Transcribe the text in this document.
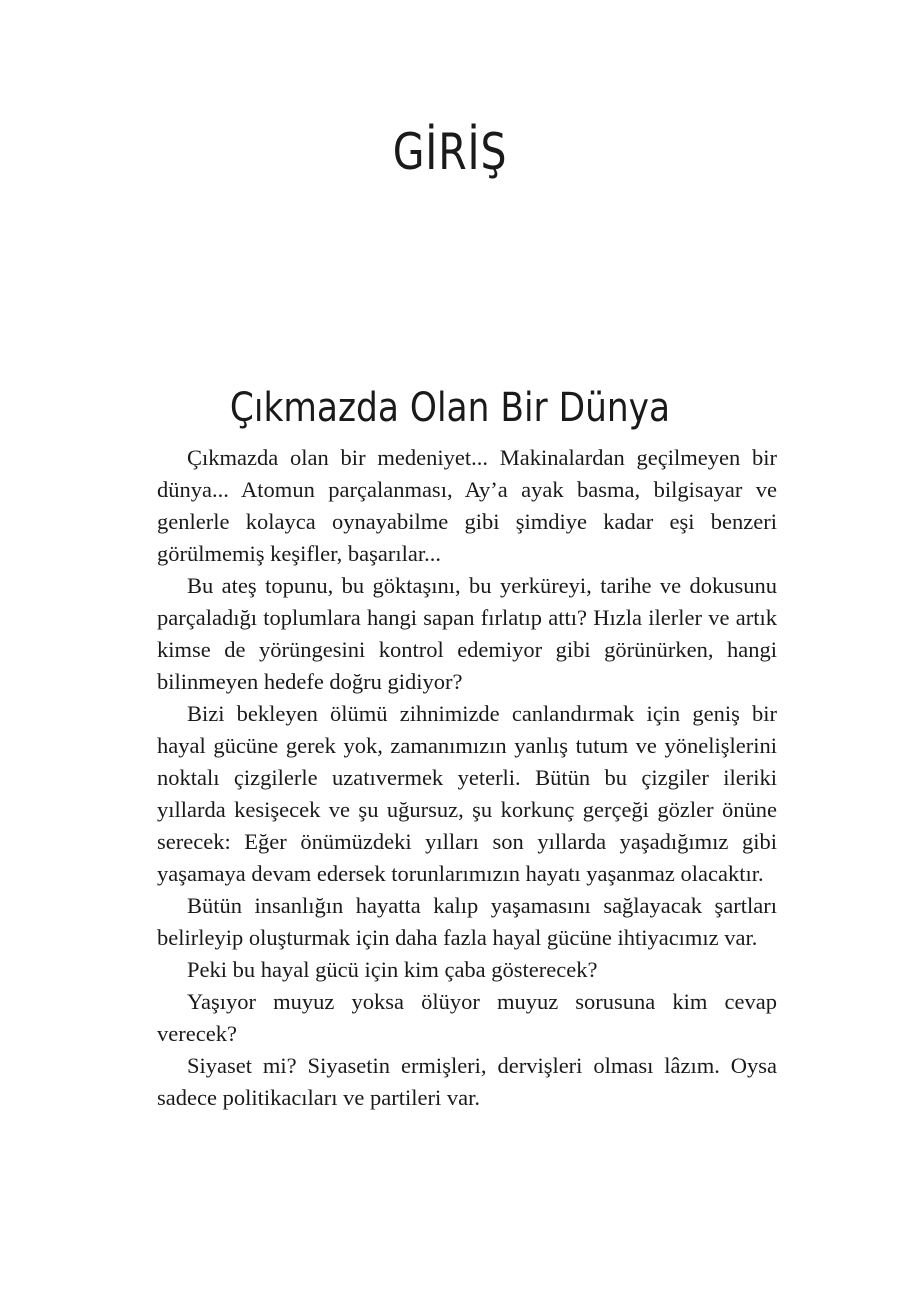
GİRİŞ
Çıkmazda Olan Bir Dünya

Çıkmazda olan bir medeniyet... Makinalardan geçilmeyen bir dünya... Atomun parçalanması, Ay’a ayak basma, bilgisayar ve genlerle kolayca oynayabilme gibi şimdiye kadar eşi benzeri görülmemiş keşifler, başarılar...

Bu ateş topunu, bu göktaşını, bu yerküreyi, tarihe ve dokusunu parçaladığı toplumlara hangi sapan fırlatıp attı? Hızla ilerler ve artık kimse de yörüngesini kontrol edemiyor gibi görünürken, hangi bilinmeyen hedefe doğru gidiyor?

Bizi bekleyen ölümü zihnimizde canlandırmak için geniş bir hayal gücüne gerek yok, zamanımızın yanlış tutum ve yönelişlerini noktalı çizgilerle uzatıvermek yeterli. Bütün bu çizgiler ileriki yıllarda kesişecek ve şu uğursuz, şu korkunç gerçeği gözler önüne serecek: Eğer önümüzdeki yılları son yıllarda yaşadığımız gibi yaşamaya devam edersek torunlarımızın hayatı yaşanmaz olacaktır.

Bütün insanlığın hayatta kalıp yaşamasını sağlayacak şartları belirleyip oluşturmak için daha fazla hayal gücüne ihtiyacımız var.

Peki bu hayal gücü için kim çaba gösterecek?

Yaşıyor muyuz yoksa ölüyor muyuz sorusuna kim cevap verecek?

Siyaset mi? Siyasetin ermişleri, dervişleri olması lâzım. Oysa sadece politikacıları ve partileri var.
